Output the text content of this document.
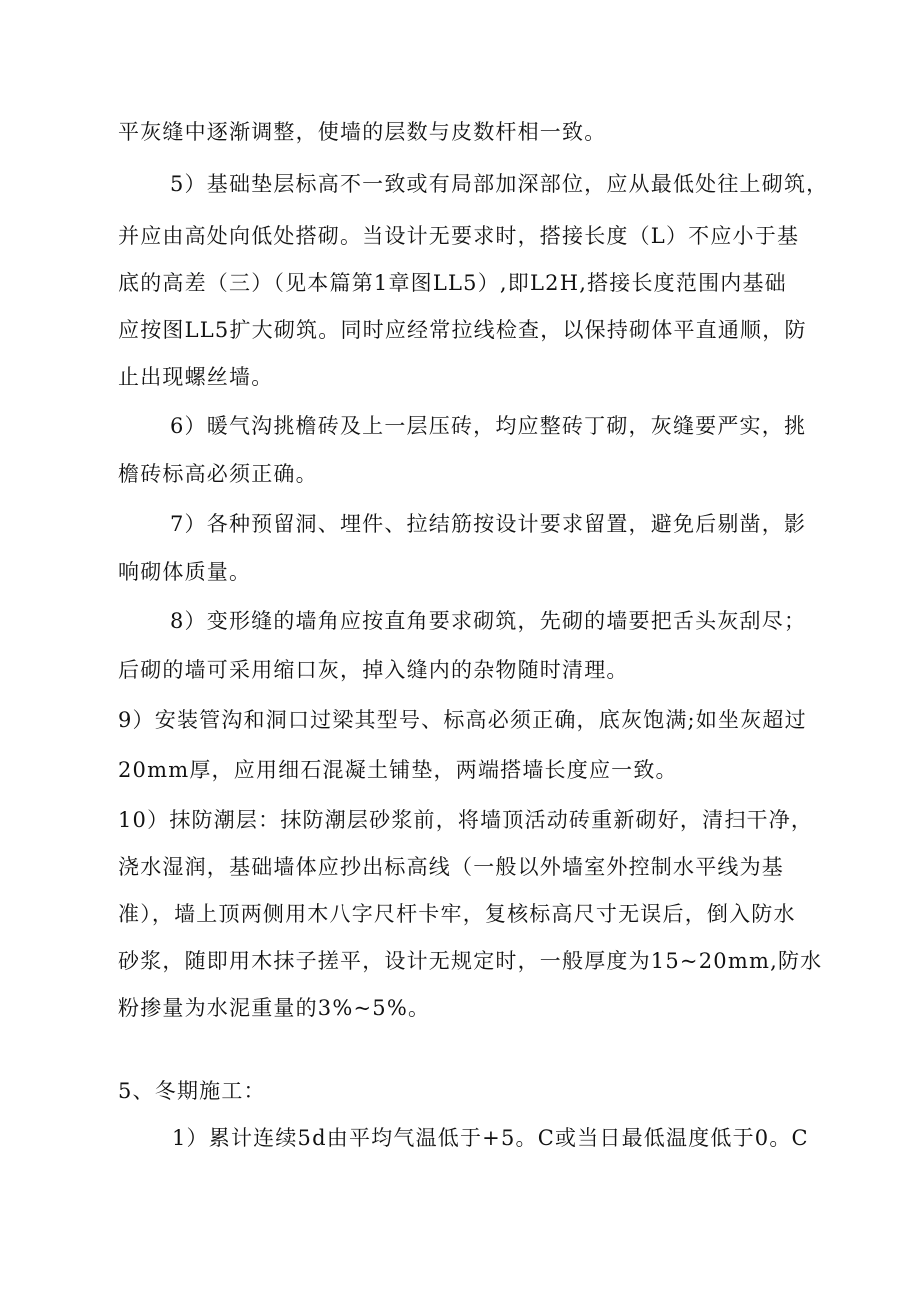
平灰缝中逐渐调整，使墙的层数与皮数杆相一致。
5）基础垫层标高不一致或有局部加深部位，应从最低处往上砌筑，
并应由高处向低处搭砌。当设计无要求时，搭接长度（L）不应小于基
底的高差（三）（见本篇第1章图LL5）,即L2H,搭接长度范围内基础
应按图LL5扩大砌筑。同时应经常拉线检查，以保持砌体平直通顺，防
止出现螺丝墙。
6）暖气沟挑檐砖及上一层压砖，均应整砖丁砌，灰缝要严实，挑
檐砖标高必须正确。
7）各种预留洞、埋件、拉结筋按设计要求留置，避免后剔凿，影
响砌体质量。
8）变形缝的墙角应按直角要求砌筑，先砌的墙要把舌头灰刮尽；
后砌的墙可采用缩口灰，掉入缝内的杂物随时清理。
9）安装管沟和洞口过梁其型号、标高必须正确，底灰饱满;如坐灰超过
20mm厚，应用细石混凝土铺垫，两端搭墙长度应一致。
10）抹防潮层：抹防潮层砂浆前，将墙顶活动砖重新砌好，清扫干净，
浇水湿润，基础墙体应抄出标高线（一般以外墙室外控制水平线为基
准），墙上顶两侧用木八字尺杆卡牢，复核标高尺寸无误后，倒入防水
砂浆，随即用木抹子搓平，设计无规定时，一般厚度为15~20mm,防水
粉掺量为水泥重量的3%~5%。
5、冬期施工：
1）累计连续5d由平均气温低于+5。C或当日最低温度低于0。C
